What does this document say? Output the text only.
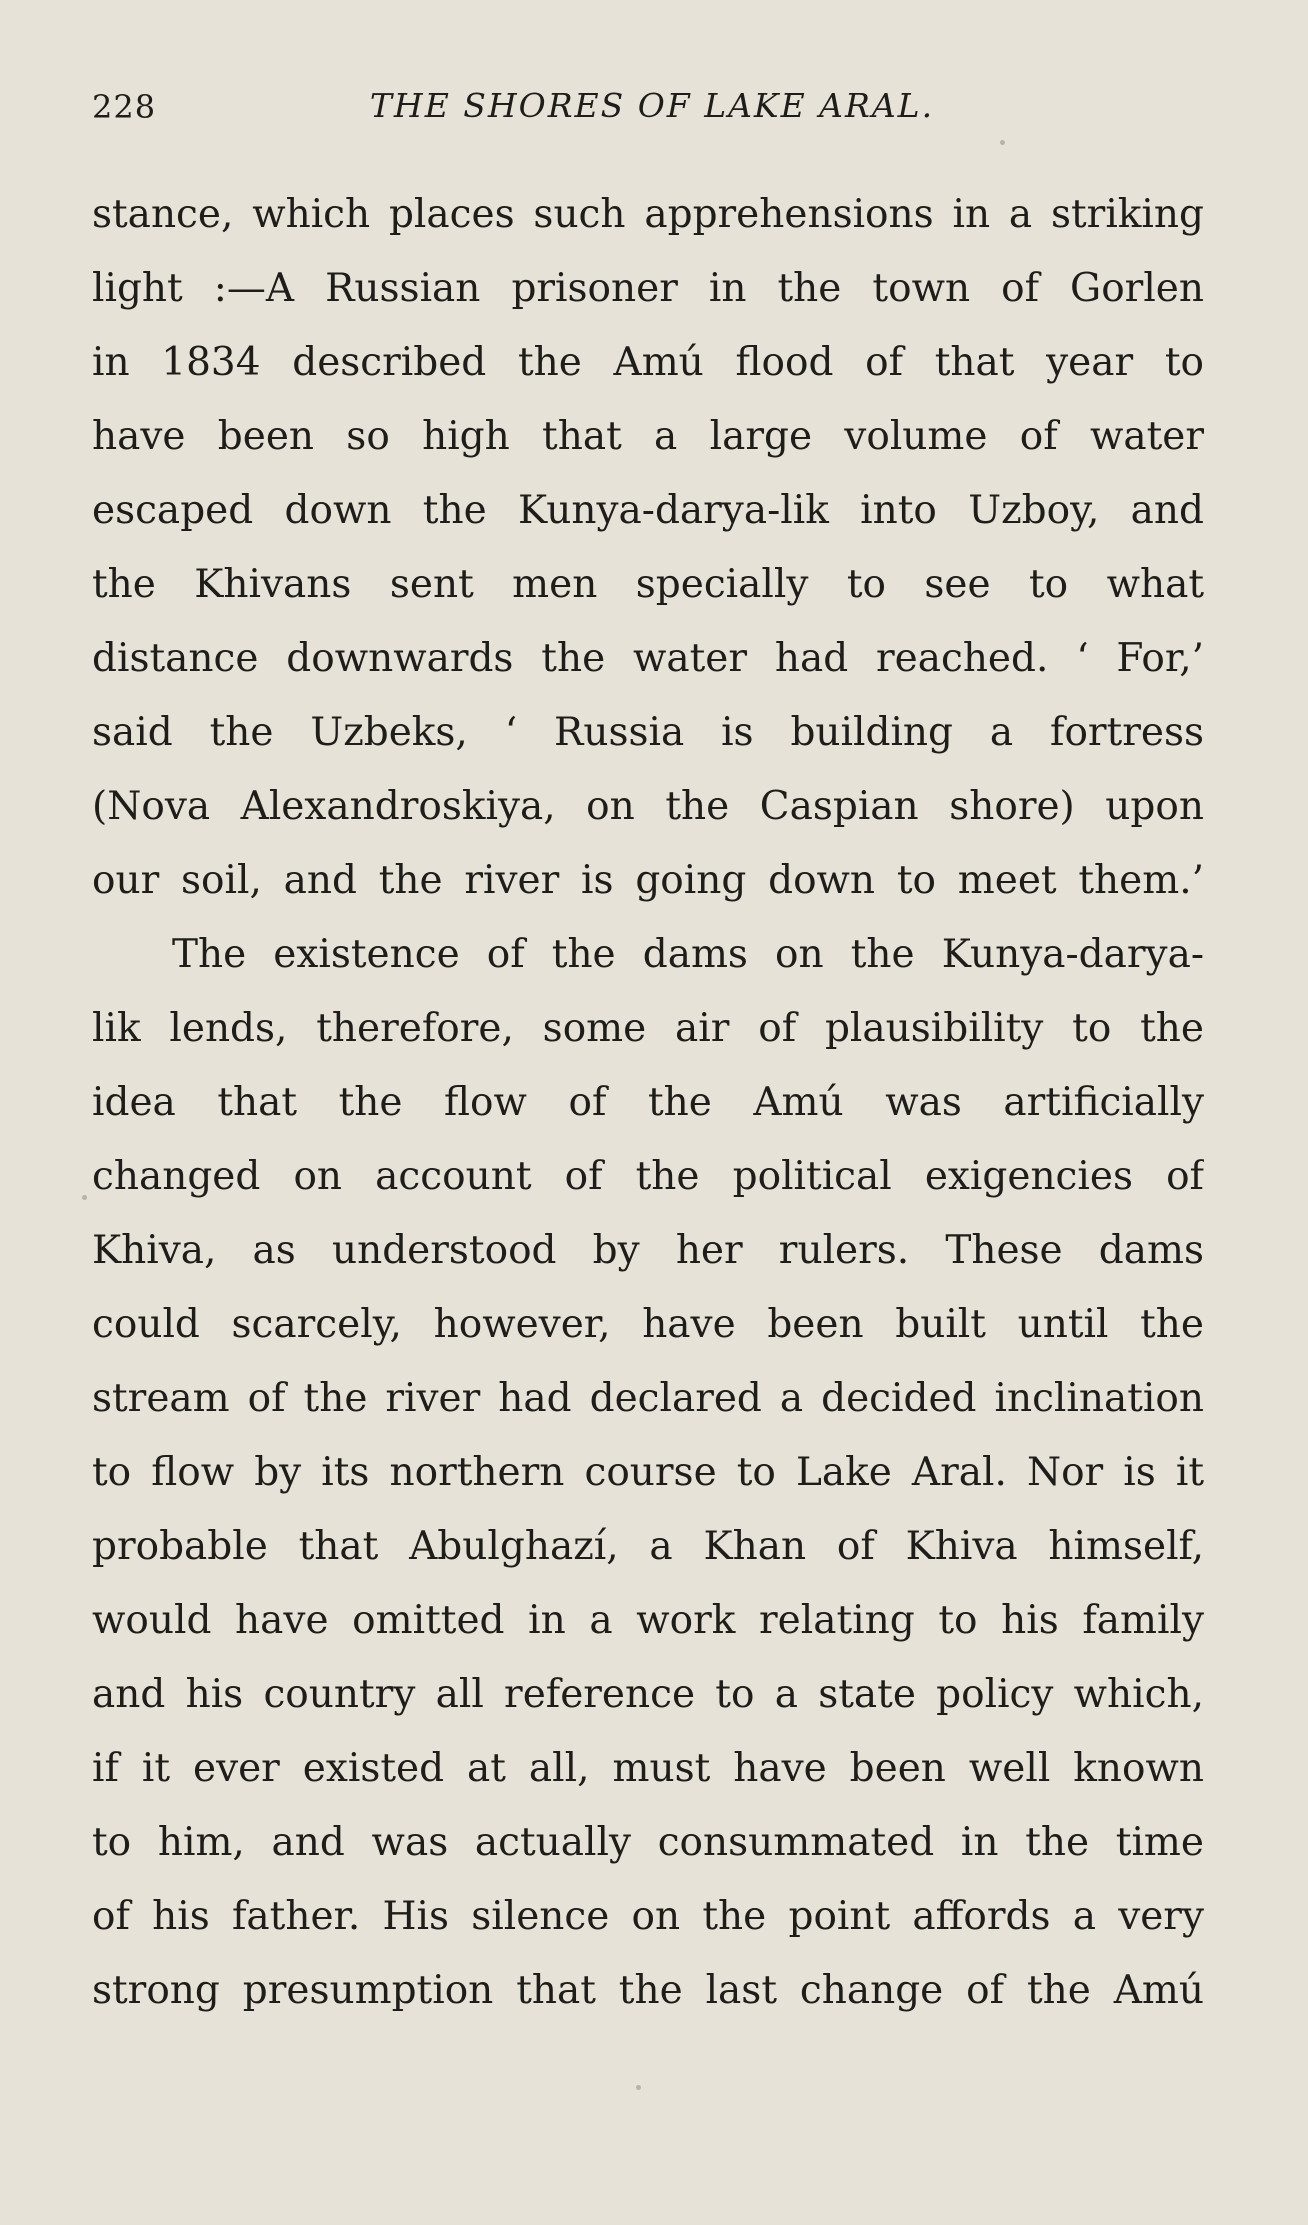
228	THE SHORES OF LAKE ARAL.
stance, which places such apprehensions in a striking
light :—A Russian prisoner in the town of Gorlen
in 1834 described the Amú flood of that year to
have been so high that a large volume of water
escaped down the Kunya-darya-lik into Uzboy, and
the Khivans sent men specially to see to what
distance downwards the water had reached. ‘ For,’
said the Uzbeks, ‘ Russia is building a fortress
(Nova Alexandroskiya, on the Caspian shore) upon
our soil, and the river is going down to meet them.’
The existence of the dams on the Kunya-darya-
lik lends, therefore, some air of plausibility to the
idea that the flow of the Amú was artificially
changed on account of the political exigencies of
Khiva, as understood by her rulers. These dams
could scarcely, however, have been built until the
stream of the river had declared a decided inclination
to flow by its northern course to Lake Aral. Nor is it
probable that Abulghazí, a Khan of Khiva himself,
would have omitted in a work relating to his family
and his country all reference to a state policy which,
if it ever existed at all, must have been well known
to him, and was actually consummated in the time
of his father. His silence on the point affords a very
strong presumption that the last change of the Amú
